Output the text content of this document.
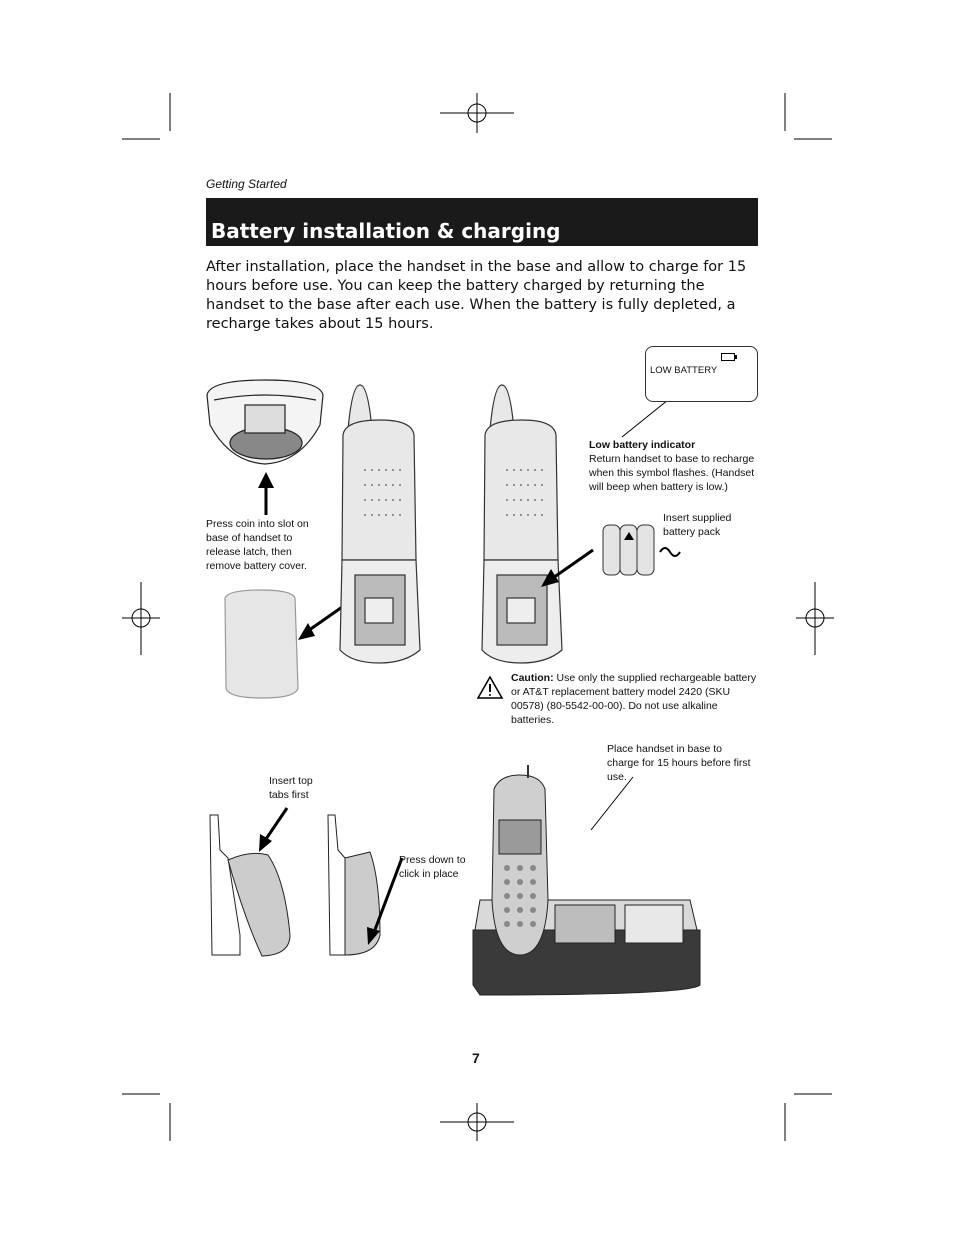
Getting Started
Battery installation & charging
After installation, place the handset in the base and allow to charge for 15 hours before use. You can keep the battery charged by returning the handset to the base after each use. When the battery is fully depleted, a recharge takes about 15 hours.
LOW BATTERY
Low battery indicator
Return handset to base to recharge when this symbol flashes. (Handset will beep when battery is low.)
Press coin into slot on base of handset to release latch, then remove battery cover.
Insert supplied battery pack
Caution: Use only the supplied rechargeable battery or AT&T replacement battery model 2420 (SKU 00578) (80-5542-00-00). Do not use alkaline batteries.
Place handset in base to charge for 15 hours before first use.
Insert top tabs first
Press down to click in place
7
